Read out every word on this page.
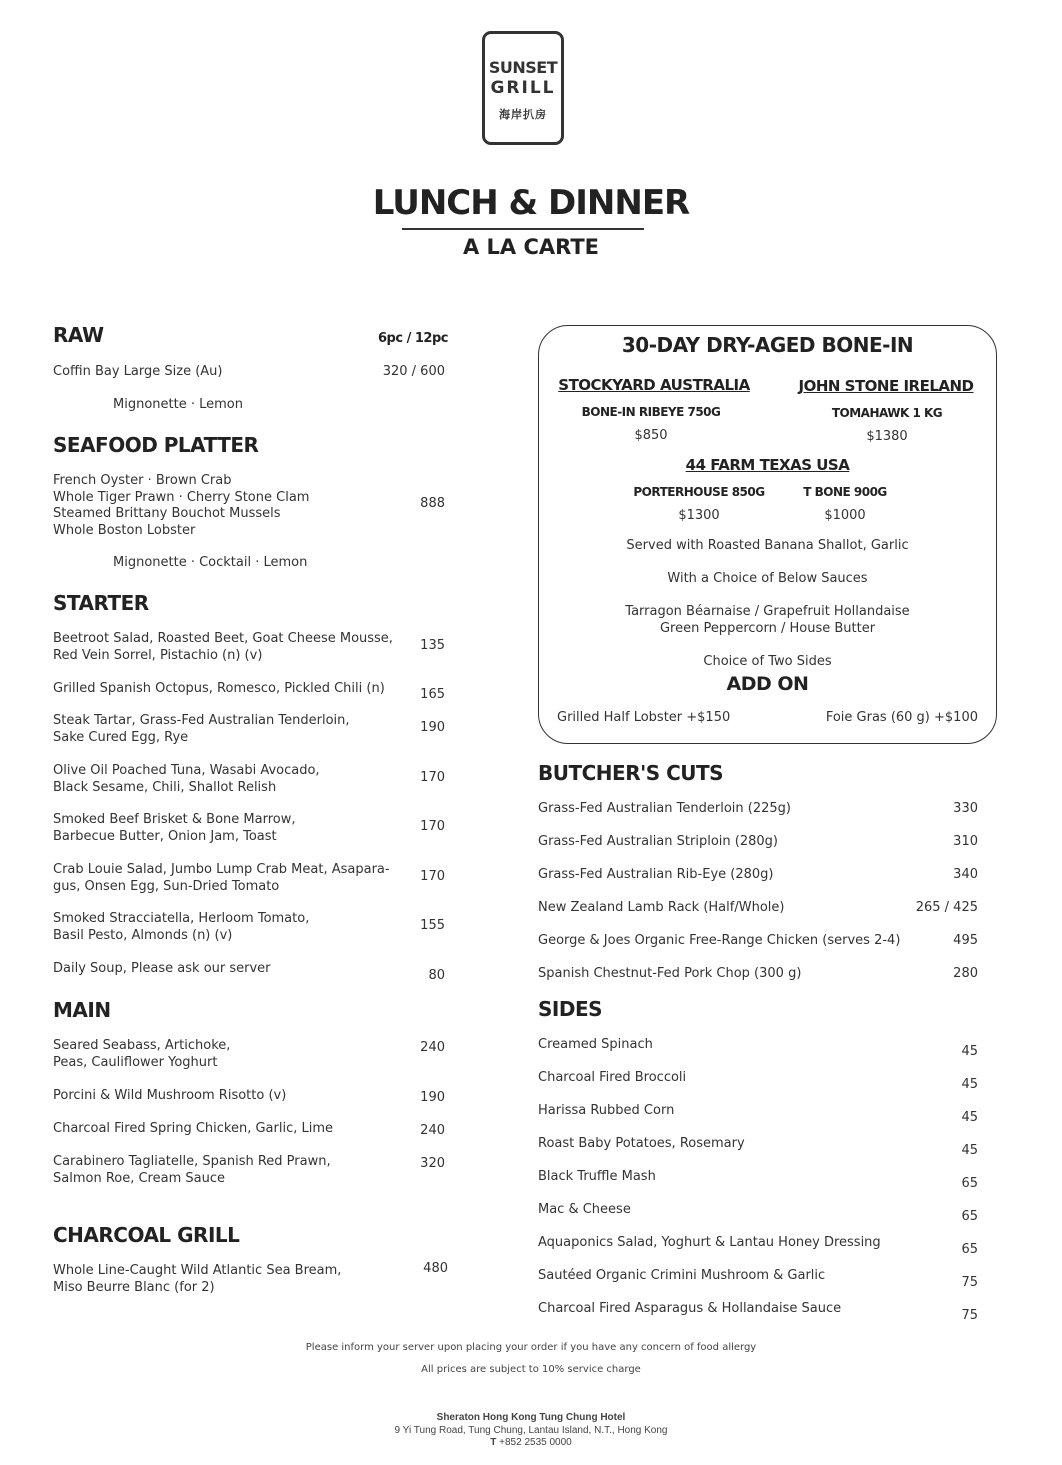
SUNSET
GRILL
海岸扒房
LUNCH & DINNER
A LA CARTE
RAW	6pc / 12pc
Coffin Bay Large Size (Au)	320 / 600
Mignonette · Lemon
SEAFOOD PLATTER
French Oyster · Brown Crab
Whole Tiger Prawn · Cherry Stone Clam
Steamed Brittany Bouchot Mussels
Whole Boston Lobster
888
Mignonette · Cocktail · Lemon
STARTER
Beetroot Salad, Roasted Beet, Goat Cheese Mousse,
Red Vein Sorrel, Pistachio (n) (v)
135
Grilled Spanish Octopus, Romesco, Pickled Chili (n)	165
Steak Tartar, Grass-Fed Australian Tenderloin,
Sake Cured Egg, Rye
190
Olive Oil Poached Tuna, Wasabi Avocado,
Black Sesame, Chili, Shallot Relish
170
Smoked Beef Brisket & Bone Marrow,
Barbecue Butter, Onion Jam, Toast
170
Crab Louie Salad, Jumbo Lump Crab Meat, Asapara-
gus, Onsen Egg, Sun-Dried Tomato
170
Smoked Stracciatella, Herloom Tomato,
Basil Pesto, Almonds (n) (v)
155
Daily Soup, Please ask our server	80
MAIN
Seared Seabass, Artichoke,
Peas, Cauliflower Yoghurt
240
Porcini & Wild Mushroom Risotto (v)	190
Charcoal Fired Spring Chicken, Garlic, Lime	240
Carabinero Tagliatelle, Spanish Red Prawn,
Salmon Roe, Cream Sauce
320
CHARCOAL GRILL
Whole Line-Caught Wild Atlantic Sea Bream,
Miso Beurre Blanc (for 2)
480
30-DAY DRY-AGED BONE-IN
STOCKYARD AUSTRALIA
BONE-IN RIBEYE 750G
$850
JOHN STONE IRELAND
TOMAHAWK 1 KG
$1380
44 FARM TEXAS USA
PORTERHOUSE 850G
$1300
T BONE 900G
$1000
Served with Roasted Banana Shallot, Garlic
With a Choice of Below Sauces
Tarragon Béarnaise / Grapefruit Hollandaise
Green Peppercorn / House Butter
Choice of Two Sides
ADD ON
Grilled Half Lobster +$150	Foie Gras (60 g) +$100
BUTCHER'S CUTS
Grass-Fed Australian Tenderloin (225g)	330
Grass-Fed Australian Striploin (280g)	310
Grass-Fed Australian Rib-Eye (280g)	340
New Zealand Lamb Rack (Half/Whole)	265 / 425
George & Joes Organic Free-Range Chicken (serves 2-4)	495
Spanish Chestnut-Fed Pork Chop (300 g)	280
SIDES
Creamed Spinach	45
Charcoal Fired Broccoli	45
Harissa Rubbed Corn	45
Roast Baby Potatoes, Rosemary	45
Black Truffle Mash	65
Mac & Cheese	65
Aquaponics Salad, Yoghurt & Lantau Honey Dressing	65
Sautéed Organic Crimini Mushroom & Garlic	75
Charcoal Fired Asparagus & Hollandaise Sauce	75
Please inform your server upon placing your order if you have any concern of food allergy
All prices are subject to 10% service charge
Sheraton Hong Kong Tung Chung Hotel
9 Yi Tung Road, Tung Chung, Lantau Island, N.T., Hong Kong
T +852 2535 0000
